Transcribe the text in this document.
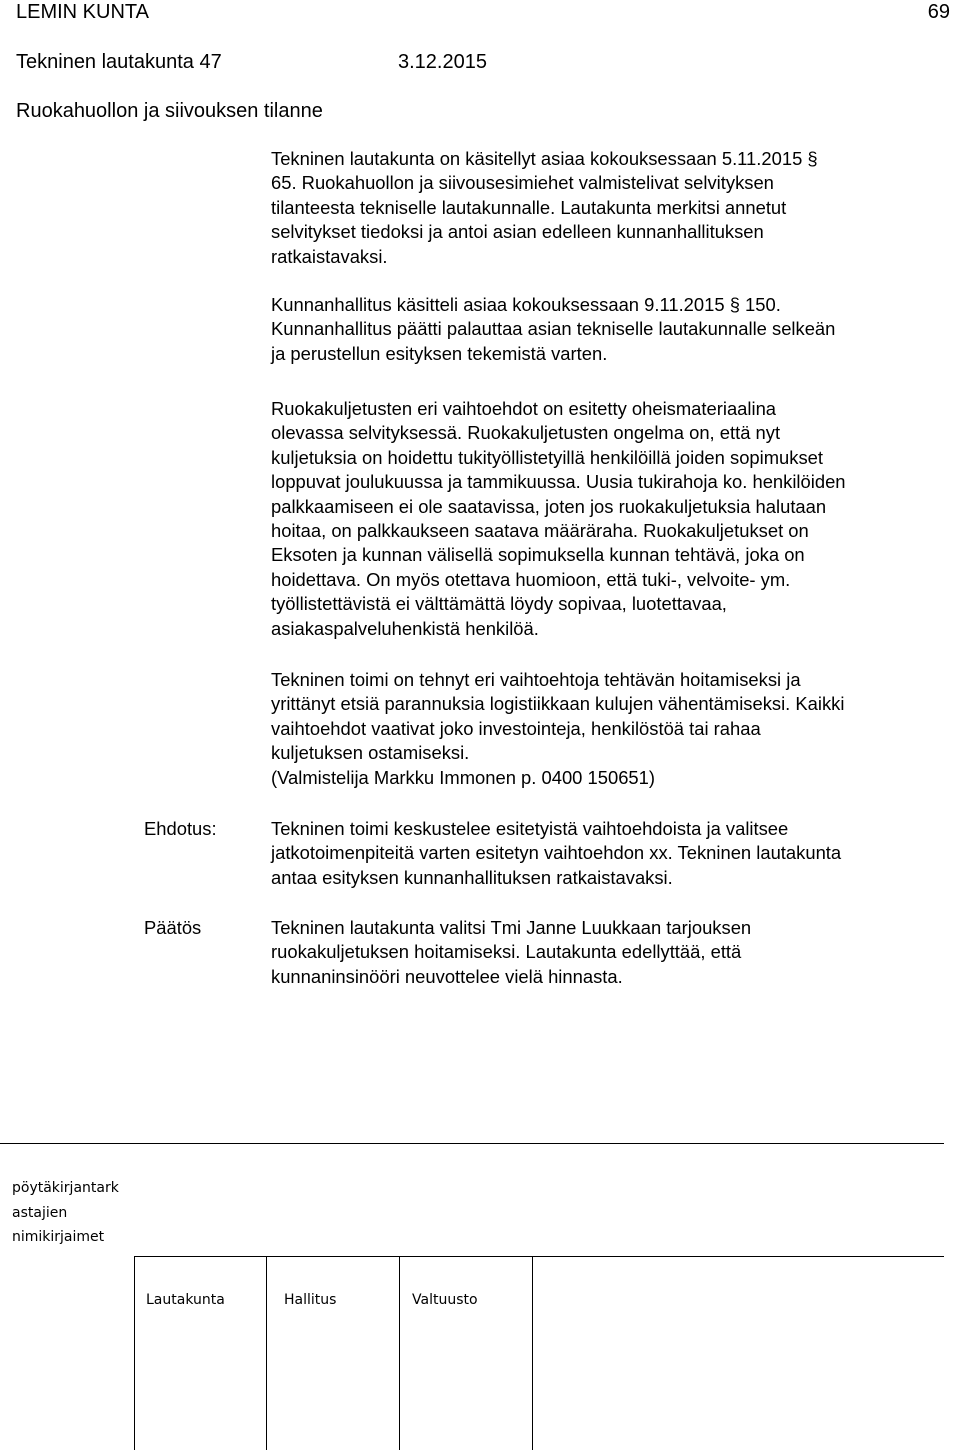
LEMIN KUNTA	69
Tekninen lautakunta 47	3.12.2015
Ruokahuollon ja siivouksen tilanne
Tekninen lautakunta on käsitellyt asiaa kokouksessaan 5.11.2015 §
65. Ruokahuollon ja siivousesimiehet valmistelivat selvityksen
tilanteesta tekniselle lautakunnalle. Lautakunta merkitsi annetut
selvitykset tiedoksi ja antoi asian edelleen kunnanhallituksen
ratkaistavaksi.
Kunnanhallitus käsitteli asiaa kokouksessaan 9.11.2015 § 150.
Kunnanhallitus päätti palauttaa asian tekniselle lautakunnalle selkeän
ja perustellun esityksen tekemistä varten.
Ruokakuljetusten eri vaihtoehdot on esitetty oheismateriaalina
olevassa selvityksessä. Ruokakuljetusten ongelma on, että nyt
kuljetuksia on hoidettu tukityöllistetyillä henkilöillä joiden sopimukset
loppuvat joulukuussa ja tammikuussa. Uusia tukirahoja ko. henkilöiden
palkkaamiseen ei ole saatavissa, joten jos ruokakuljetuksia halutaan
hoitaa, on palkkaukseen saatava määräraha. Ruokakuljetukset on
Eksoten ja kunnan välisellä sopimuksella kunnan tehtävä, joka on
hoidettava. On myös otettava huomioon, että tuki-, velvoite- ym.
työllistettävistä ei välttämättä löydy sopivaa, luotettavaa,
asiakaspalveluhenkistä henkilöä.
Tekninen toimi on tehnyt eri vaihtoehtoja tehtävän hoitamiseksi ja
yrittänyt etsiä parannuksia logistiikkaan kulujen vähentämiseksi. Kaikki
vaihtoehdot vaativat joko investointeja, henkilöstöä tai rahaa
kuljetuksen ostamiseksi.
(Valmistelija Markku Immonen p. 0400 150651)
Ehdotus:	Tekninen toimi keskustelee esitetyistä vaihtoehdoista ja valitsee
jatkotoimenpiteitä varten esitetyn vaihtoehdon xx. Tekninen lautakunta
antaa esityksen kunnanhallituksen ratkaistavaksi.
Päätös	Tekninen lautakunta valitsi Tmi Janne Luukkaan tarjouksen
ruokakuljetuksen hoitamiseksi. Lautakunta edellyttää, että
kunnaninsinööri neuvottelee vielä hinnasta.
pöytäkirjantark
astajien
nimikirjaimet
Lautakunta	Hallitus	Valtuusto
